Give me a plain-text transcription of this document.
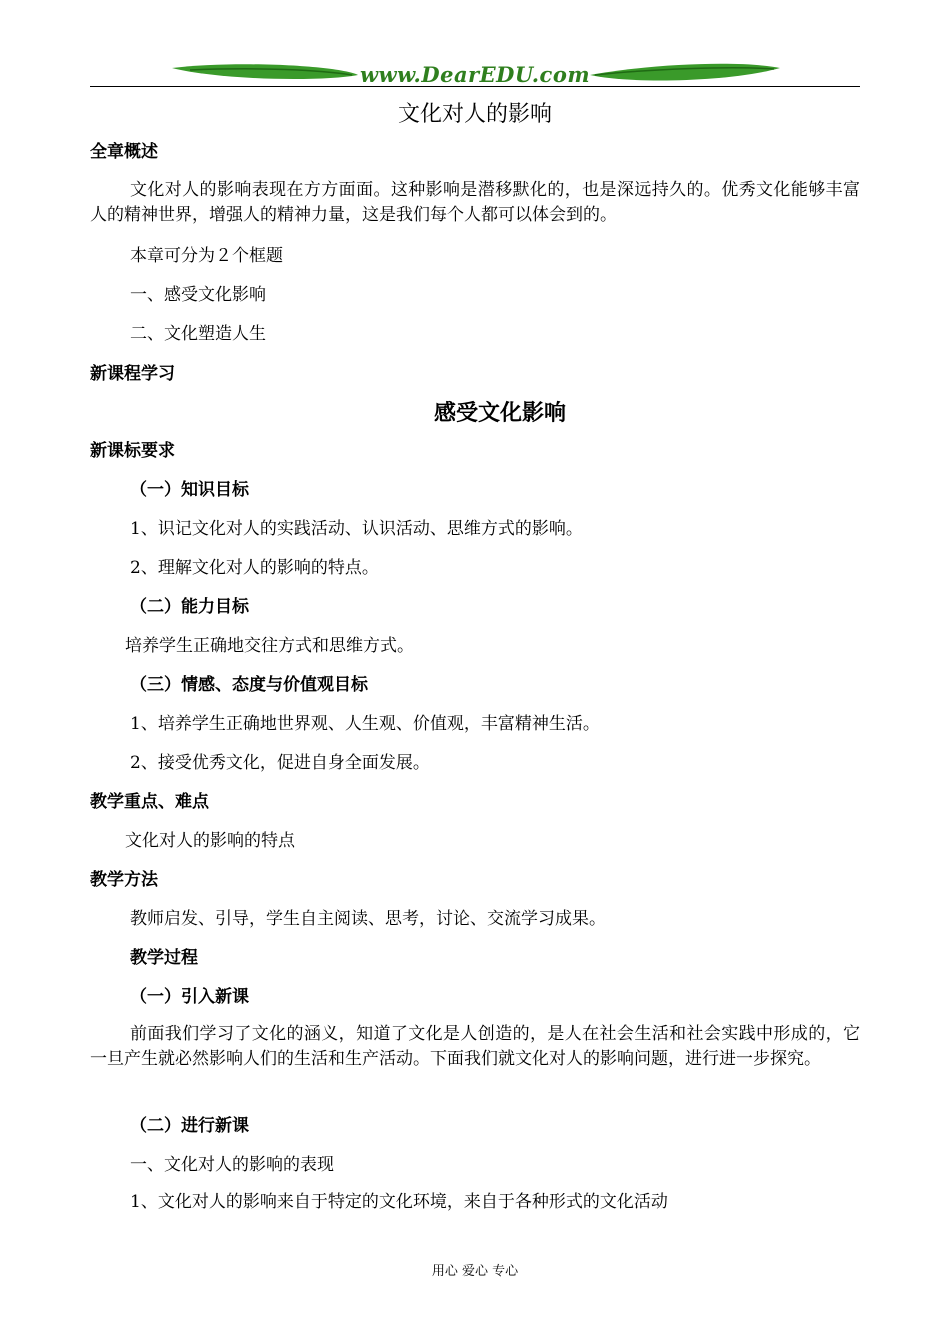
www.DearEDU.com
文化对人的影响
全章概述
文化对人的影响表现在方方面面。这种影响是潜移默化的，也是深远持久的。优秀文化能够丰富人的精神世界，增强人的精神力量，这是我们每个人都可以体会到的。
本章可分为２个框题
一、感受文化影响
二、文化塑造人生
新课程学习
感受文化影响
新课标要求
（一）知识目标
1、识记文化对人的实践活动、认识活动、思维方式的影响。
2、理解文化对人的影响的特点。
（二）能力目标
培养学生正确地交往方式和思维方式。
（三）情感、态度与价值观目标
1、培养学生正确地世界观、人生观、价值观，丰富精神生活。
2、接受优秀文化，促进自身全面发展。
教学重点、难点
文化对人的影响的特点
教学方法
教师启发、引导，学生自主阅读、思考，讨论、交流学习成果。
教学过程
（一）引入新课
前面我们学习了文化的涵义，知道了文化是人创造的，是人在社会生活和社会实践中形成的，它一旦产生就必然影响人们的生活和生产活动。下面我们就文化对人的影响问题，进行进一步探究。
（二）进行新课
一、文化对人的影响的表现
1、文化对人的影响来自于特定的文化环境，来自于各种形式的文化活动
用心 爱心 专心
